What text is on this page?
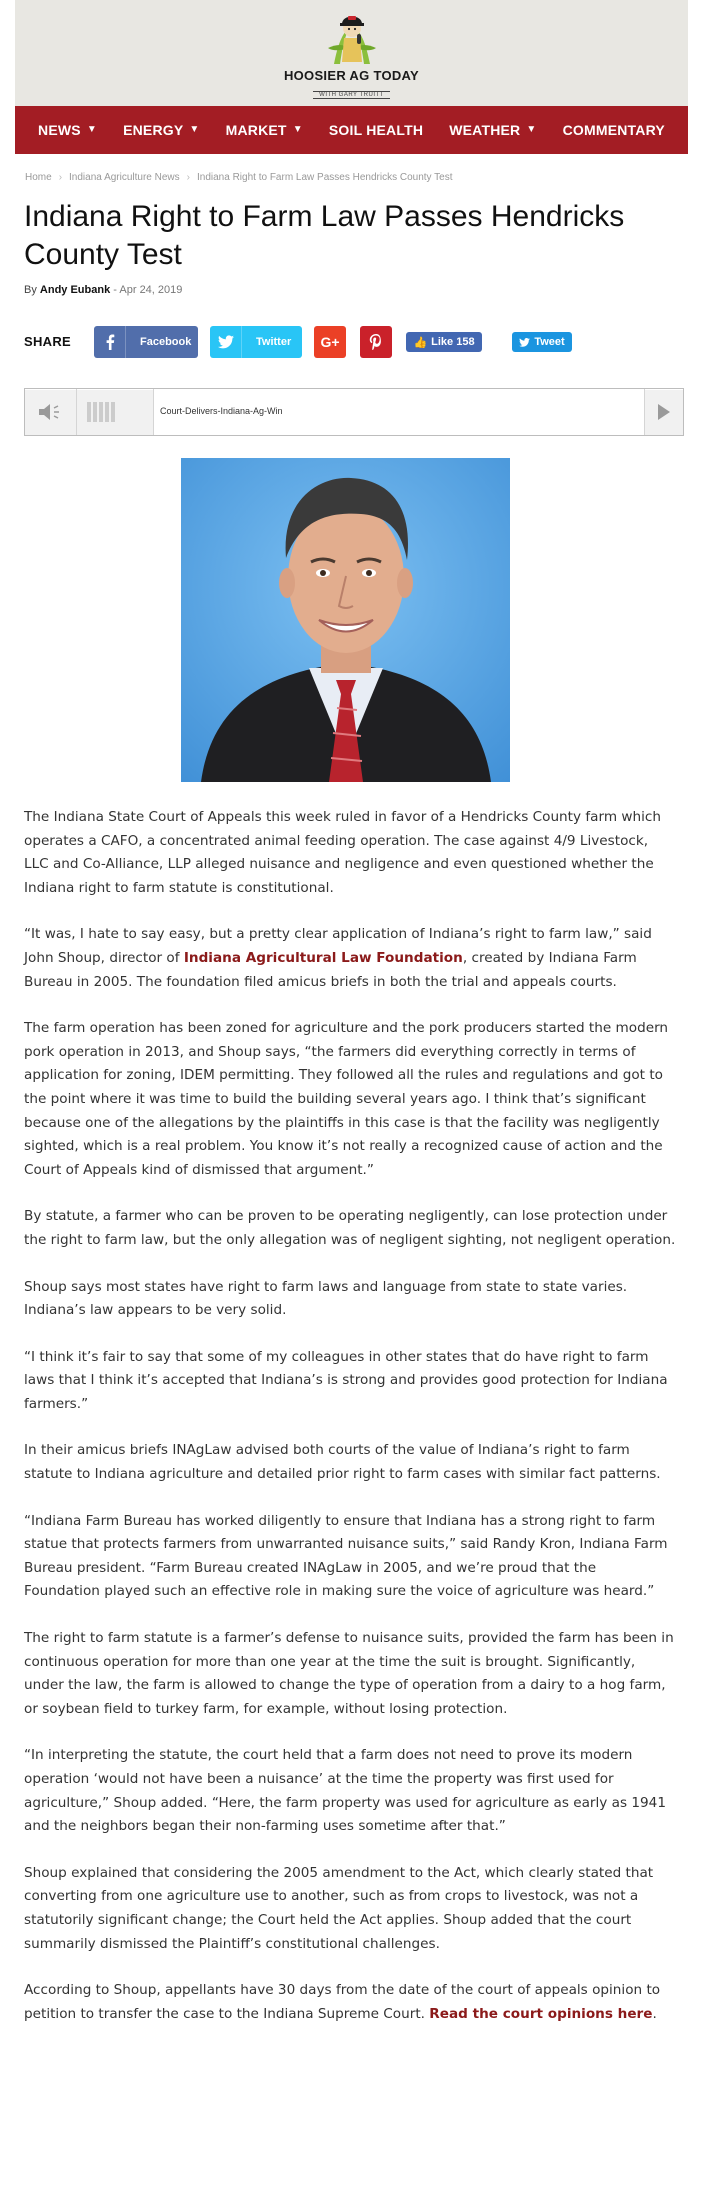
HOOSIER AG TODAY
WITH GARY TRUITT
NEWS ▼ ENERGY ▼ MARKET ▼ SOIL HEALTH WEATHER ▼ COMMENTARY
Home › Indiana Agriculture News › Indiana Right to Farm Law Passes Hendricks County Test
Indiana Right to Farm Law Passes Hendricks County Test
By Andy Eubank - Apr 24, 2019
SHARE	Facebook	Twitter G+	👍 Like 158	Tweet
Court-Delivers-Indiana-Ag-Win

The Indiana State Court of Appeals this week ruled in favor of a Hendricks County farm which operates a CAFO, a concentrated animal feeding operation. The case against 4/9 Livestock, LLC and Co-Alliance, LLP alleged nuisance and negligence and even questioned whether the Indiana right to farm statute is constitutional.

“It was, I hate to say easy, but a pretty clear application of Indiana’s right to farm law,” said John Shoup, director of Indiana Agricultural Law Foundation, created by Indiana Farm Bureau in 2005. The foundation filed amicus briefs in both the trial and appeals courts.

The farm operation has been zoned for agriculture and the pork producers started the modern pork operation in 2013, and Shoup says, “the farmers did everything correctly in terms of application for zoning, IDEM permitting. They followed all the rules and regulations and got to the point where it was time to build the building several years ago. I think that’s significant because one of the allegations by the plaintiffs in this case is that the facility was negligently sighted, which is a real problem. You know it’s not really a recognized cause of action and the Court of Appeals kind of dismissed that argument.”

By statute, a farmer who can be proven to be operating negligently, can lose protection under the right to farm law, but the only allegation was of negligent sighting, not negligent operation.

Shoup says most states have right to farm laws and language from state to state varies. Indiana’s law appears to be very solid.

“I think it’s fair to say that some of my colleagues in other states that do have right to farm laws that I think it’s accepted that Indiana’s is strong and provides good protection for Indiana farmers.”

In their amicus briefs INAgLaw advised both courts of the value of Indiana’s right to farm statute to Indiana agriculture and detailed prior right to farm cases with similar fact patterns.

“Indiana Farm Bureau has worked diligently to ensure that Indiana has a strong right to farm statue that protects farmers from unwarranted nuisance suits,” said Randy Kron, Indiana Farm Bureau president. “Farm Bureau created INAgLaw in 2005, and we’re proud that the Foundation played such an effective role in making sure the voice of agriculture was heard.”

The right to farm statute is a farmer’s defense to nuisance suits, provided the farm has been in continuous operation for more than one year at the time the suit is brought. Significantly, under the law, the farm is allowed to change the type of operation from a dairy to a hog farm, or soybean field to turkey farm, for example, without losing protection.

“In interpreting the statute, the court held that a farm does not need to prove its modern operation ‘would not have been a nuisance’ at the time the property was first used for agriculture,” Shoup added. “Here, the farm property was used for agriculture as early as 1941 and the neighbors began their non-farming uses sometime after that.”

Shoup explained that considering the 2005 amendment to the Act, which clearly stated that converting from one agriculture use to another, such as from crops to livestock, was not a statutorily significant change; the Court held the Act applies. Shoup added that the court summarily dismissed the Plaintiff’s constitutional challenges.

According to Shoup, appellants have 30 days from the date of the court of appeals opinion to petition to transfer the case to the Indiana Supreme Court. Read the court opinions here.
